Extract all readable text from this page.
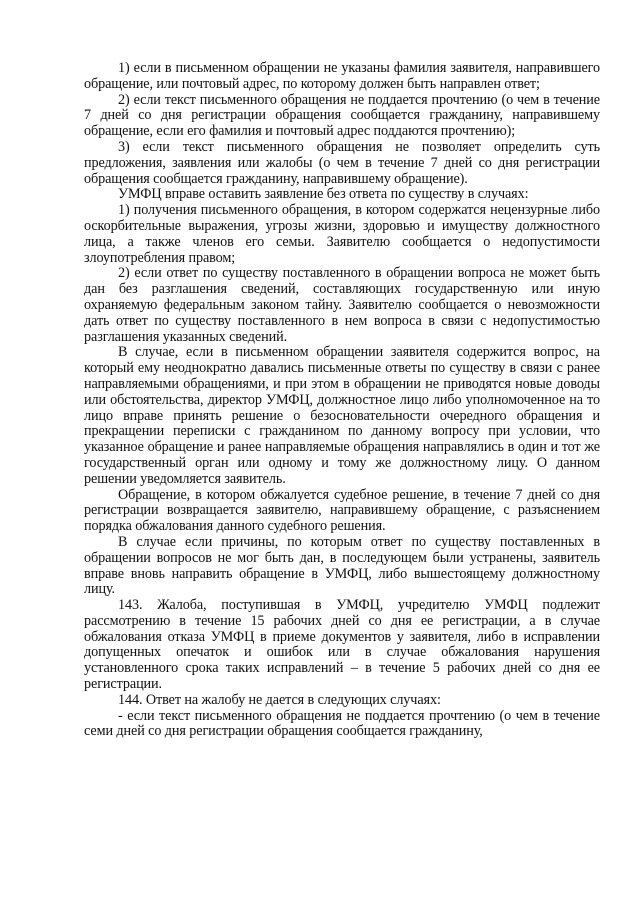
1) если в письменном обращении не указаны фамилия заявителя, направившего обращение, или почтовый адрес, по которому должен быть направлен ответ;

2) если текст письменного обращения не поддается прочтению (о чем в течение 7 дней со дня регистрации обращения сообщается гражданину, направившему обращение, если его фамилия и почтовый адрес поддаются прочтению);

3) если текст письменного обращения не позволяет определить суть предложения, заявления или жалобы (о чем в течение 7 дней со дня регистрации обращения сообщается гражданину, направившему обращение).

УМФЦ вправе оставить заявление без ответа по существу в случаях:

1) получения письменного обращения, в котором содержатся нецензурные либо оскорбительные выражения, угрозы жизни, здоровью и имуществу должностного лица, а также членов его семьи. Заявителю сообщается о недопустимости злоупотребления правом;

2) если ответ по существу поставленного в обращении вопроса не может быть дан без разглашения сведений, составляющих государственную или иную охраняемую федеральным законом тайну. Заявителю сообщается о невозможности дать ответ по существу поставленного в нем вопроса в связи с недопустимостью разглашения указанных сведений.

В случае, если в письменном обращении заявителя содержится вопрос, на который ему неоднократно давались письменные ответы по существу в связи с ранее направляемыми обращениями, и при этом в обращении не приводятся новые доводы или обстоятельства, директор УМФЦ, должностное лицо либо уполномоченное на то лицо вправе принять решение о безосновательности очередного обращения и прекращении переписки с гражданином по данному вопросу при условии, что указанное обращение и ранее направляемые обращения направлялись в один и тот же государственный орган или одному и тому же должностному лицу. О данном решении уведомляется заявитель.

Обращение, в котором обжалуется судебное решение, в течение 7 дней со дня регистрации возвращается заявителю, направившему обращение, с разъяснением порядка обжалования данного судебного решения.

В случае если причины, по которым ответ по существу поставленных в обращении вопросов не мог быть дан, в последующем были устранены, заявитель вправе вновь направить обращение в УМФЦ, либо вышестоящему должностному лицу.

143. Жалоба, поступившая в УМФЦ, учредителю УМФЦ подлежит рассмотрению в течение 15 рабочих дней со дня ее регистрации, а в случае обжалования отказа УМФЦ в приеме документов у заявителя, либо в исправлении допущенных опечаток и ошибок или в случае обжалования нарушения установленного срока таких исправлений – в течение 5 рабочих дней со дня ее регистрации.

144. Ответ на жалобу не дается в следующих случаях:

- если текст письменного обращения не поддается прочтению (о чем в течение семи дней со дня регистрации обращения сообщается гражданину,
